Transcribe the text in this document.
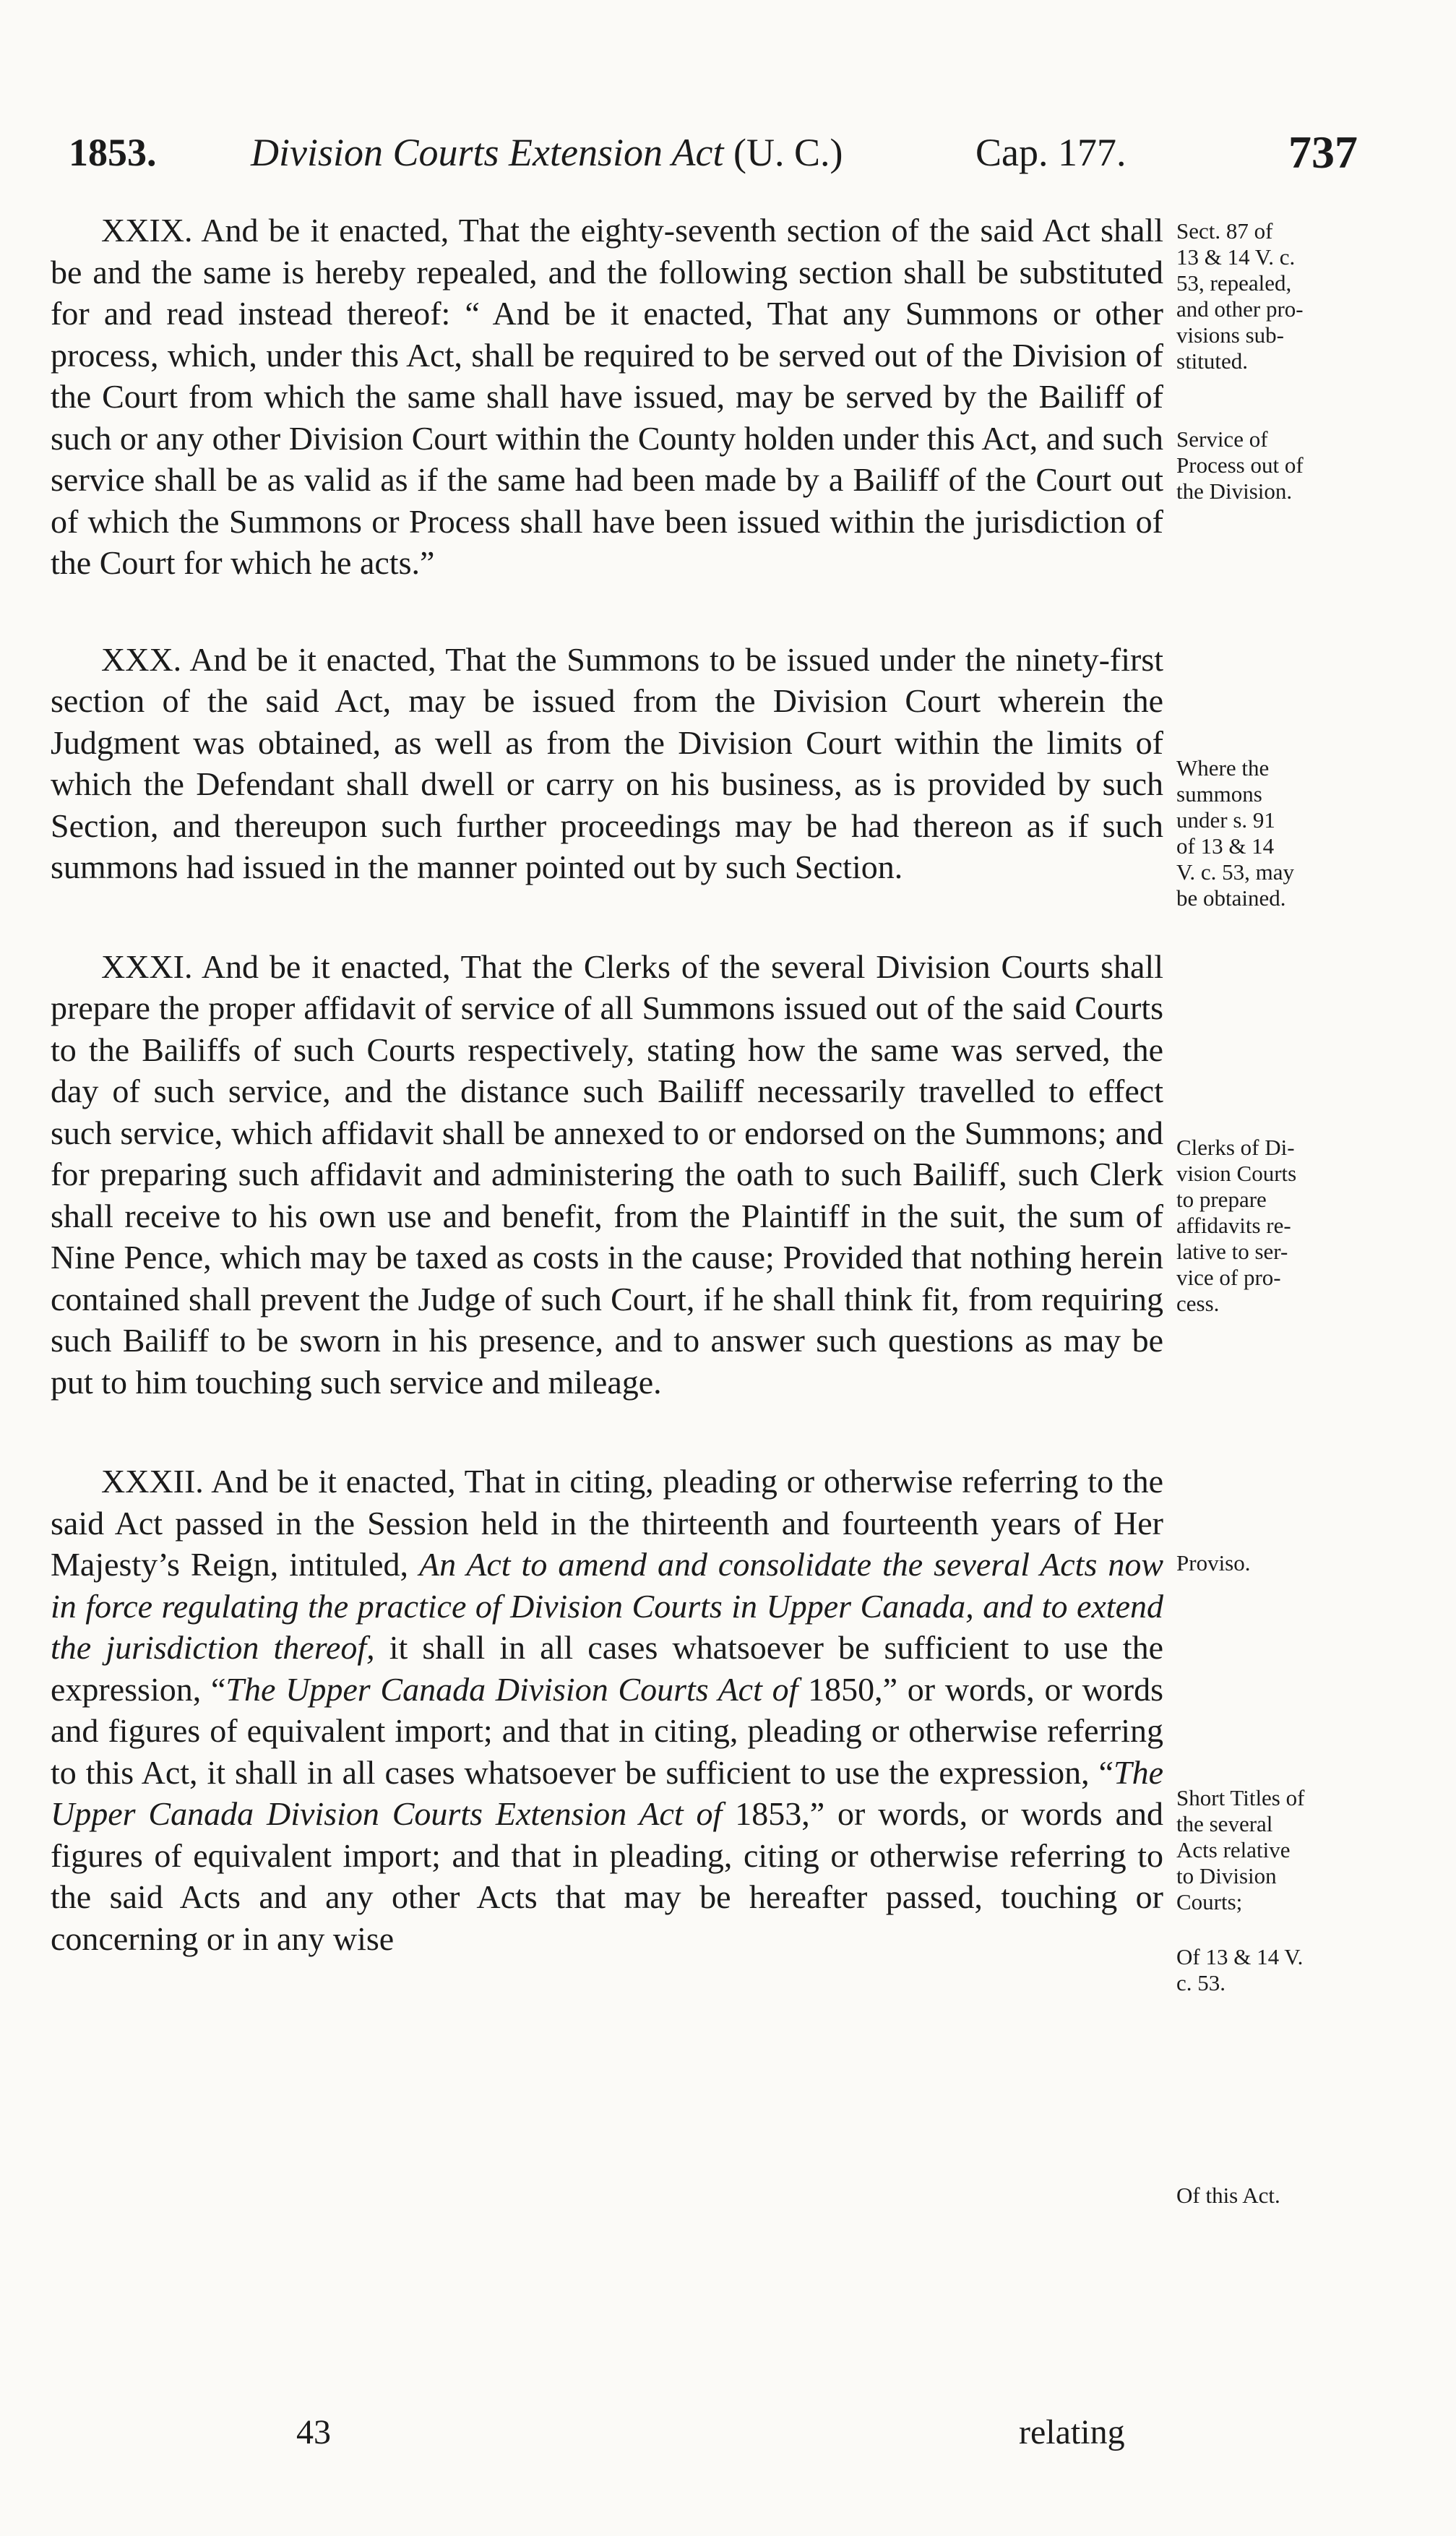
1853. Division Courts Extension Act (U. C.)	Cap. 177.	737

XXIX. And be it enacted, That the eighty-seventh section of the said Act shall be and the same is hereby repealed, and the following section shall be substituted for and read instead thereof: “ And be it enacted, That any Summons or other process, which, under this Act, shall be required to be served out of the Division of the Court from which the same shall have issued, may be served by the Bailiff of such or any other Division Court within the County holden under this Act, and such service shall be as valid as if the same had been made by a Bailiff of the Court out of which the Summons or Process shall have been issued within the jurisdiction of the Court for which he acts.”

XXX. And be it enacted, That the Summons to be issued under the ninety-first section of the said Act, may be issued from the Division Court wherein the Judgment was obtained, as well as from the Division Court within the limits of which the Defendant shall dwell or carry on his business, as is provided by such Section, and thereupon such further proceedings may be had thereon as if such summons had issued in the manner pointed out by such Section.

XXXI. And be it enacted, That the Clerks of the several Division Courts shall prepare the proper affidavit of service of all Summons issued out of the said Courts to the Bailiffs of such Courts respectively, stating how the same was served, the day of such service, and the distance such Bailiff necessarily travelled to effect such service, which affidavit shall be annexed to or endorsed on the Summons; and for preparing such affidavit and administering the oath to such Bailiff, such Clerk shall receive to his own use and benefit, from the Plaintiff in the suit, the sum of Nine Pence, which may be taxed as costs in the cause; Provided that nothing herein contained shall prevent the Judge of such Court, if he shall think fit, from requiring such Bailiff to be sworn in his presence, and to answer such questions as may be put to him touching such service and mileage.

XXXII. And be it enacted, That in citing, pleading or otherwise referring to the said Act passed in the Session held in the thirteenth and fourteenth years of Her Majesty’s Reign, intituled, An Act to amend and consolidate the several Acts now in force regulating the practice of Division Courts in Upper Canada, and to extend the jurisdiction thereof, it shall in all cases whatsoever be sufficient to use the expression, “The Upper Canada Division Courts Act of 1850,” or words, or words and figures of equivalent import; and that in citing, pleading or otherwise referring to this Act, it shall in all cases whatsoever be sufficient to use the expression, “The Upper Canada Division Courts Extension Act of 1853,” or words, or words and figures of equivalent import; and that in pleading, citing or otherwise referring to the said Acts and any other Acts that may be hereafter passed, touching or concerning or in any wise

Sect. 87 of
13 & 14 V. c.
53, repealed,
and other pro-
visions sub-
stituted.
Service of
Process out of
the Division.
Where the
summons
under s. 91
of 13 & 14
V. c. 53, may
be obtained.
Clerks of Di-
vision Courts
to prepare
affidavits re-
lative to ser-
vice of pro-
cess.
Proviso.
Short Titles of
the several
Acts relative
to Division
Courts;
Of 13 & 14 V.
c. 53.
Of this Act.
43	relating
